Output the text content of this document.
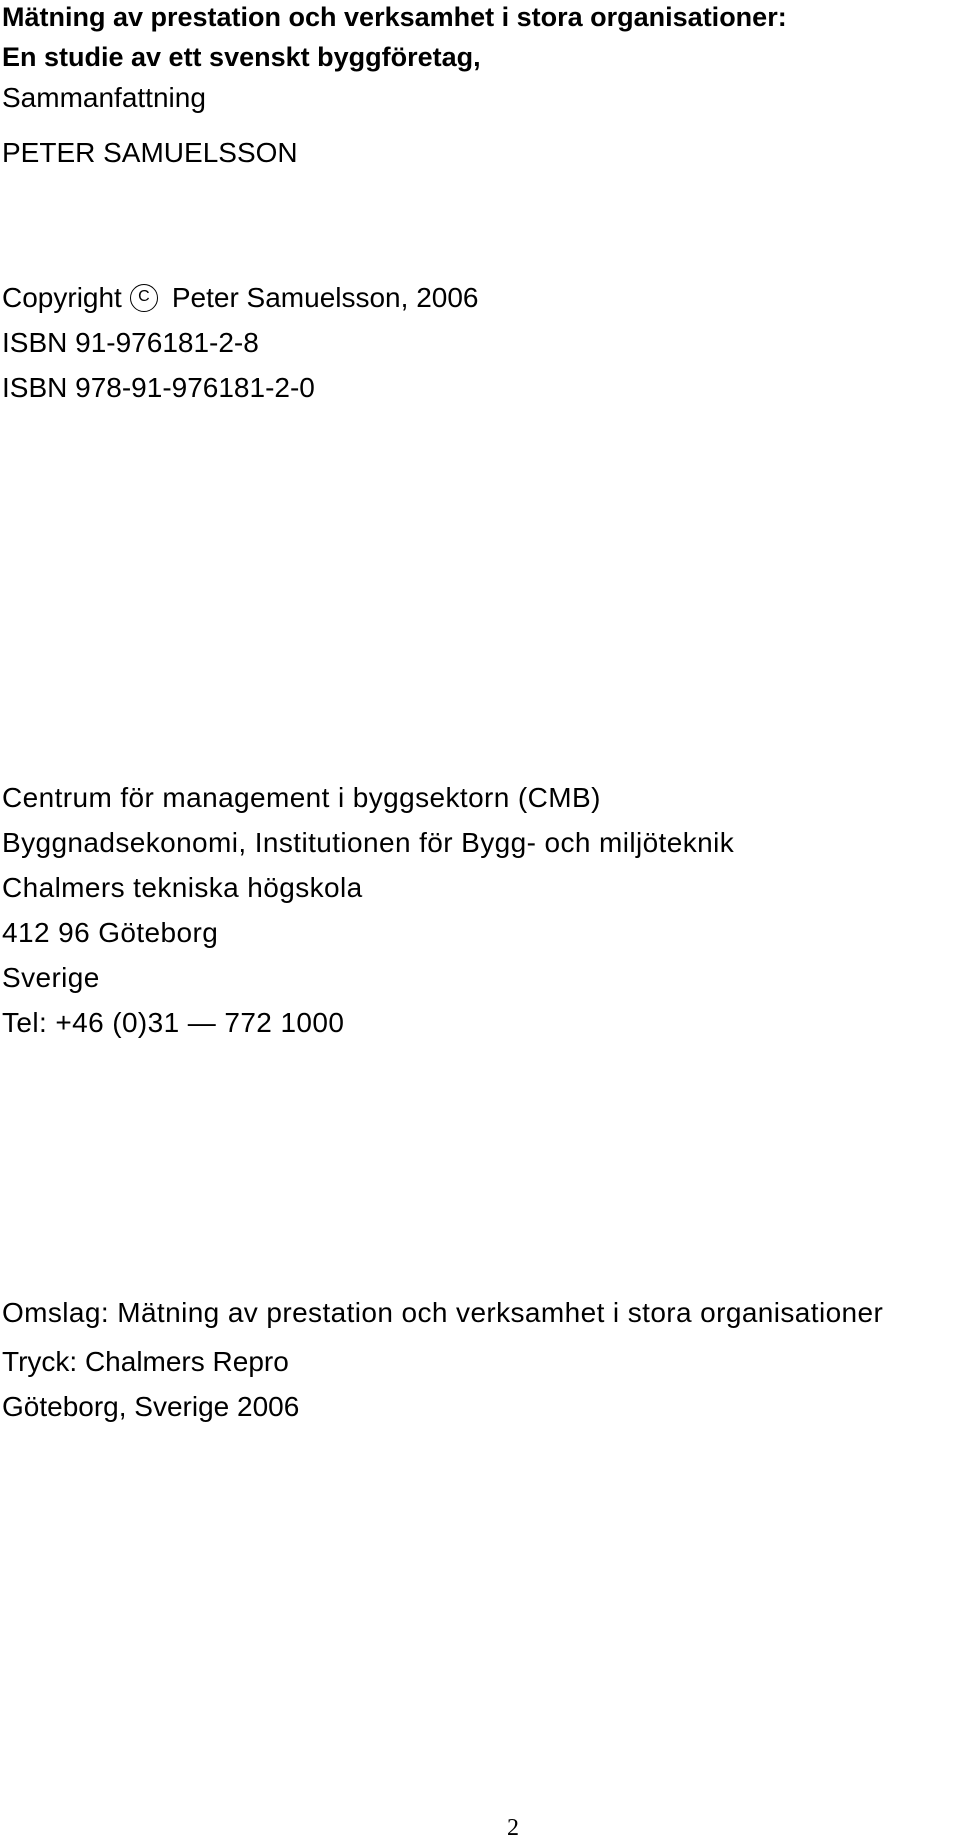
Mätning av prestation och verksamhet i stora organisationer:
En studie av ett svenskt byggföretag,
Sammanfattning
PETER SAMUELSSON
Copyright	C Peter Samuelsson, 2006
ISBN 91-976181-2-8
ISBN 978-91-976181-2-0
Centrum för management i byggsektorn (CMB)
Byggnadsekonomi, Institutionen för Bygg- och miljöteknik
Chalmers tekniska högskola
412 96 Göteborg
Sverige
Tel: +46 (0)31 — 772 1000
Omslag: Mätning av prestation och verksamhet i stora organisationer
Tryck: Chalmers Repro
Göteborg, Sverige 2006
2
